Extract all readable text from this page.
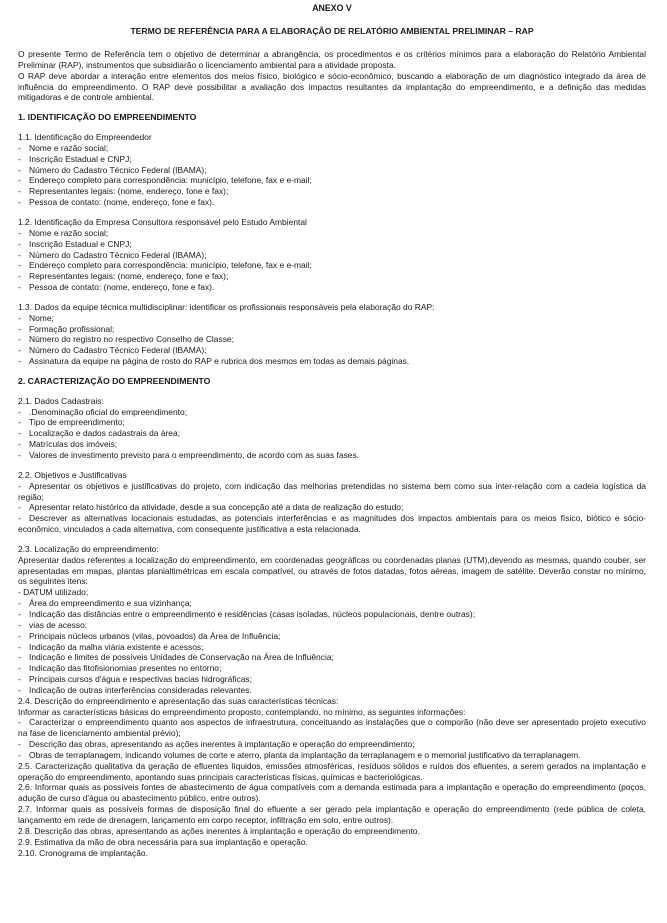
ANEXO V
TERMO DE REFERÊNCIA PARA A ELABORAÇÃO DE RELATÓRIO AMBIENTAL PRELIMINAR – RAP
O presente Termo de Referência tem o objetivo de determinar a abrangência, os procedimentos e os critérios mínimos para a elaboração do Relatório Ambiental Preliminar (RAP), instrumentos que subsidiarão o licenciamento ambiental para a atividade proposta.
O RAP deve abordar a interação entre elementos dos meios físico, biológico e sócio-econômico, buscando a elaboração de um diagnóstico integrado da área de influência do empreendimento. O RAP deve possibilitar a avaliação dos impactos resultantes da implantação do empreendimento, e a definição das medidas mitigadoras e de controle ambiental.
1. IDENTIFICAÇÃO DO EMPREENDIMENTO
1.1. Identificação do Empreendedor
- Nome e razão social;
- Inscrição Estadual e CNPJ;
- Número do Cadastro Técnico Federal (IBAMA);
- Endereço completo para correspondência: município, telefone, fax e e-mail;
- Representantes legais: (nome, endereço, fone e fax);
- Pessoa de contato: (nome, endereço, fone e fax).
1.2. Identificação da Empresa Consultora responsável pelo Estudo Ambiental
- Nome e razão social;
- Inscrição Estadual e CNPJ;
- Número do Cadastro Técnico Federal (IBAMA);
- Endereço completo para correspondência: município, telefone, fax e e-mail;
- Representantes legais: (nome, endereço, fone e fax);
- Pessoa de contato: (nome, endereço, fone e fax).
1.3. Dados da equipe técnica multidisciplinar: identificar os profissionais responsáveis pela elaboração do RAP:
- Nome;
- Formação profissional;
- Número do registro no respectivo Conselho de Classe;
- Número do Cadastro Técnico Federal (IBAMA);
- Assinatura da equipe na página de rosto do RAP e rubrica dos mesmos em todas as demais páginas.
2. CARACTERIZAÇÃO DO EMPREENDIMENTO
2.1. Dados Cadastrais:
- .Denominação oficial do empreendimento;
- Tipo de empreendimento;
- Localização e dados cadastrais da área;
- Matrículas dos imóveis;
- Valores de investimento previsto para o empreendimento, de acordo com as suas fases.
2.2. Objetivos e Justificativas
- Apresentar os objetivos e justificativas do projeto, com indicação das melhorias pretendidas no sistema bem como sua inter-relação com a cadeia logística da região;
- Apresentar relato histórico da atividade, desde a sua concepção até a data de realização do estudo;
- Descrever as alternativas locacionais estudadas, as potenciais interferências e as magnitudes dos impactos ambientais para os meios físico, biótico e sócio-econômico, vinculados a cada alternativa, com consequente justificativa a esta relacionada.
2.3. Localização do empreendimento:
Apresentar dados referentes a localização do empreendimento, em coordenadas geográficas ou coordenadas planas (UTM),devendo as mesmas, quando couber, ser apresentadas em mapas, plantas planialtimétricas em escala compatível, ou através de fotos datadas, fotos aéreas, imagem de satélite. Deverão constar no mínimo, os seguintes itens:
- DATUM utilizado;
- Área do empreendimento e sua vizinhança;
- Indicação das distâncias entre o empreendimento e residências (casas isoladas, núcleos populacionais, dentre outras);
- vias de acesso;
- Principais núcleos urbanos (vilas, povoados) da Área de Influência;
- Indicação da malha viária existente e acessos;
- Indicação e limites de possíveis Unidades de Conservação na Área de Influência;
- Indicação das fitofisionomias presentes no entorno;
- Principais cursos d'água e respectivas bacias hidrográficas;
- Indicação de outras interferências consideradas relevantes.
2.4. Descrição do empreendimento e apresentação das suas características técnicas:
Informar as características básicas do empreendimento proposto, contemplando, no mínimo, as seguintes informações:
- Caracterizar o empreendimento quanto aos aspectos de infraestrutura, conceituando as instalações que o comporão (não deve ser apresentado projeto executivo na fase de licenciamento ambiental prévio);
- Descrição das obras, apresentando as ações inerentes à implantação e operação do empreendimento;
- Obras de terraplanagem, indicando volumes de corte e aterro, planta da implantação da terraplanagem e o memorial justificativo da terraplanagem.
2.5. Caracterização qualitativa da geração de efluentes líquidos, emissões atmosféricas, resíduos sólidos e ruídos dos efluentes, a serem gerados na implantação e operação do empreendimento, apontando suas principais características físicas, químicas e bacteriológicas.
2.6. Informar quais as possíveis fontes de abastecimento de água compatíveis com a demanda estimada para a implantação e operação do empreendimento (poços, adução de curso d'água ou abastecimento público, entre outros).
2.7. Informar quais as possíveis formas de disposição final do efluente a ser gerado pela implantação e operação do empreendimento (rede pública de coleta, lançamento em rede de drenagem, lançamento em corpo receptor, infiltração em solo, entre outros).
2.8. Descrição das obras, apresentando as ações inerentes à implantação e operação do empreendimento.
2.9. Estimativa da mão de obra necessária para sua implantação e operação.
2.10. Cronograma de implantação.
